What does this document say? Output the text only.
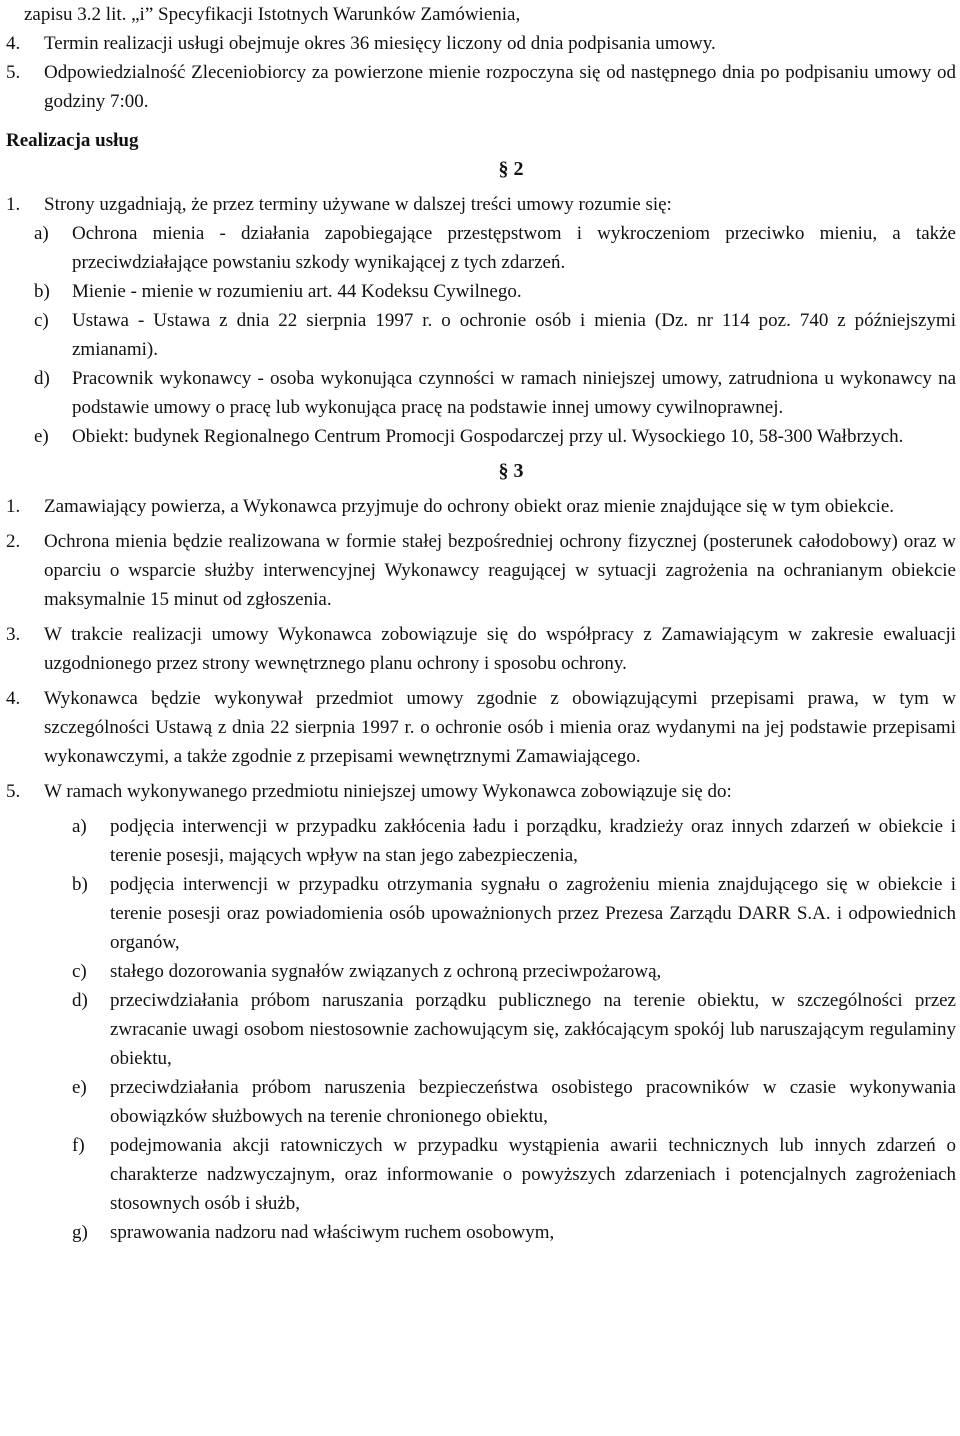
zapisu 3.2 lit. „i” Specyfikacji Istotnych Warunków Zamówienia,
4. Termin realizacji usługi obejmuje okres 36 miesięcy liczony od dnia podpisania umowy.
5. Odpowiedzialność Zleceniobiorcy za powierzone mienie rozpoczyna się od następnego dnia po podpisaniu umowy od godziny 7:00.
Realizacja usług
§ 2
1. Strony uzgadniają, że przez terminy używane w dalszej treści umowy rozumie się:
a) Ochrona mienia - działania zapobiegające przestępstwom i wykroczeniom przeciwko mieniu, a także przeciwdziałające powstaniu szkody wynikającej z tych zdarzeń.
b) Mienie - mienie w rozumieniu art. 44 Kodeksu Cywilnego.
c) Ustawa - Ustawa z dnia 22 sierpnia 1997 r. o ochronie osób i mienia (Dz. nr 114 poz. 740 z późniejszymi zmianami).
d) Pracownik wykonawcy - osoba wykonująca czynności w ramach niniejszej umowy, zatrudniona u wykonawcy na podstawie umowy o pracę lub wykonująca pracę na podstawie innej umowy cywilnoprawnej.
e) Obiekt: budynek Regionalnego Centrum Promocji Gospodarczej przy ul. Wysockiego 10, 58-300 Wałbrzych.
§ 3
1. Zamawiający powierza, a Wykonawca przyjmuje do ochrony obiekt oraz mienie znajdujące się w tym obiekcie.
2. Ochrona mienia będzie realizowana w formie stałej bezpośredniej ochrony fizycznej (posterunek całodobowy) oraz w oparciu o wsparcie służby interwencyjnej Wykonawcy reagującej w sytuacji zagrożenia na ochranianym obiekcie maksymalnie 15 minut od zgłoszenia.
3. W trakcie realizacji umowy Wykonawca zobowiązuje się do współpracy z Zamawiającym w zakresie ewaluacji uzgodnionego przez strony wewnętrznego planu ochrony i sposobu ochrony.
4. Wykonawca będzie wykonywał przedmiot umowy zgodnie z obowiązującymi przepisami prawa, w tym w szczególności Ustawą z dnia 22 sierpnia 1997 r. o ochronie osób i mienia oraz wydanymi na jej podstawie przepisami wykonawczymi, a także zgodnie z przepisami wewnętrznymi Zamawiającego.
5. W ramach wykonywanego przedmiotu niniejszej umowy Wykonawca zobowiązuje się do:
a) podjęcia interwencji w przypadku zakłócenia ładu i porządku, kradzieży oraz innych zdarzeń w obiekcie i terenie posesji, mających wpływ na stan jego zabezpieczenia,
b) podjęcia interwencji w przypadku otrzymania sygnału o zagrożeniu mienia znajdującego się w obiekcie i terenie posesji oraz powiadomienia osób upoważnionych przez Prezesa Zarządu DARR S.A. i odpowiednich organów,
c) stałego dozorowania sygnałów związanych z ochroną przeciwpożarową,
d) przeciwdziałania próbom naruszania porządku publicznego na terenie obiektu, w szczególności przez zwracanie uwagi osobom niestosownie zachowującym się, zakłócającym spokój lub naruszającym regulaminy obiektu,
e) przeciwdziałania próbom naruszenia bezpieczeństwa osobistego pracowników w czasie wykonywania obowiązków służbowych na terenie chronionego obiektu,
f) podejmowania akcji ratowniczych w przypadku wystąpienia awarii technicznych lub innych zdarzeń o charakterze nadzwyczajnym, oraz informowanie o powyższych zdarzeniach i potencjalnych zagrożeniach stosownych osób i służb,
g) sprawowania nadzoru nad właściwym ruchem osobowym,
